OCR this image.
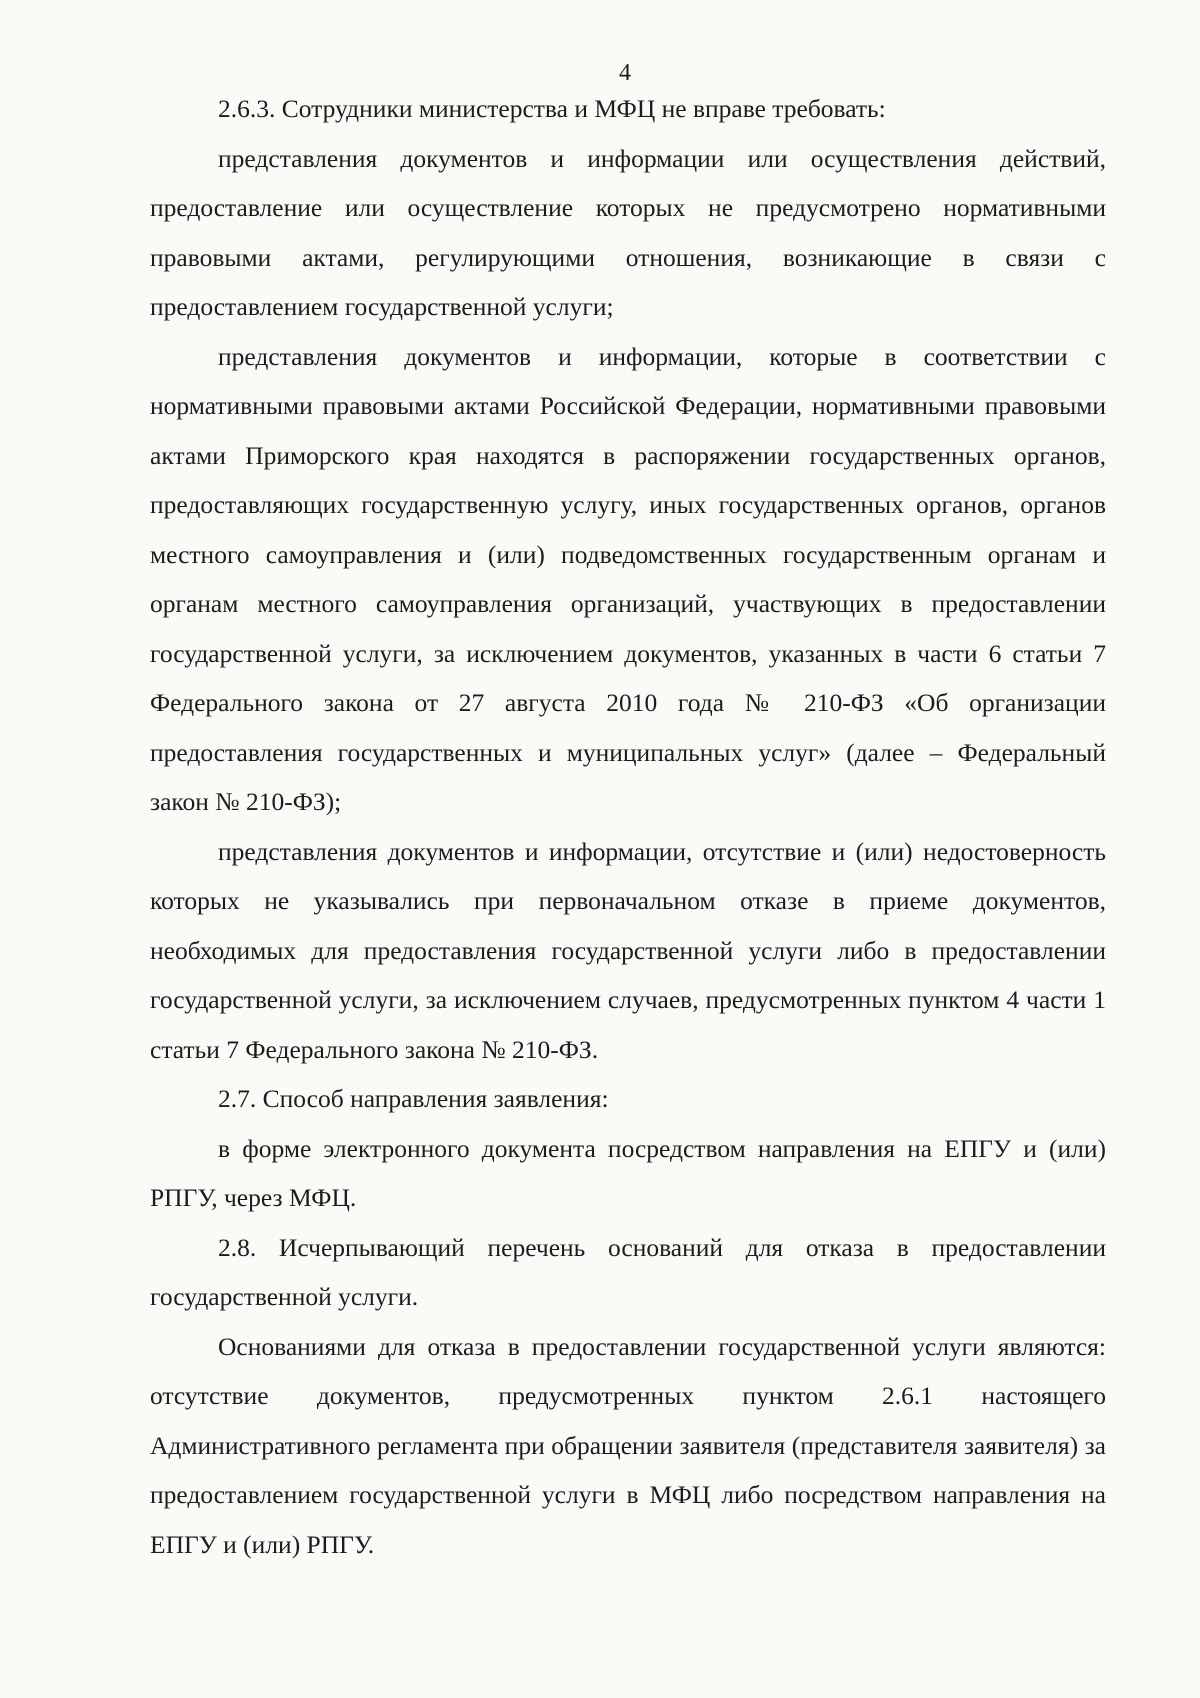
4

2.6.3. Сотрудники министерства и МФЦ не вправе требовать:

представления документов и информации или осуществления действий, предоставление или осуществление которых не предусмотрено нормативными правовыми актами, регулирующими отношения, возникающие в связи с предоставлением государственной услуги;

представления документов и информации, которые в соответствии с нормативными правовыми актами Российской Федерации, нормативными правовыми актами Приморского края находятся в распоряжении государственных органов, предоставляющих государственную услугу, иных государственных органов, органов местного самоуправления и (или) подведомственных государственным органам и органам местного самоуправления организаций, участвующих в предоставлении государственной услуги, за исключением документов, указанных в части 6 статьи 7 Федерального закона от 27 августа 2010 года № 210-ФЗ «Об организации предоставления государственных и муниципальных услуг» (далее – Федеральный закон № 210-ФЗ);

представления документов и информации, отсутствие и (или) недостоверность которых не указывались при первоначальном отказе в приеме документов, необходимых для предоставления государственной услуги либо в предоставлении государственной услуги, за исключением случаев, предусмотренных пунктом 4 части 1 статьи 7 Федерального закона № 210-ФЗ.

2.7. Способ направления заявления:

в форме электронного документа посредством направления на ЕПГУ и (или) РПГУ, через МФЦ.

2.8. Исчерпывающий перечень оснований для отказа в предоставлении государственной услуги.

Основаниями для отказа в предоставлении государственной услуги являются: отсутствие документов, предусмотренных пунктом 2.6.1 настоящего Административного регламента при обращении заявителя (представителя заявителя) за предоставлением государственной услуги в МФЦ либо посредством направления на ЕПГУ и (или) РПГУ.
